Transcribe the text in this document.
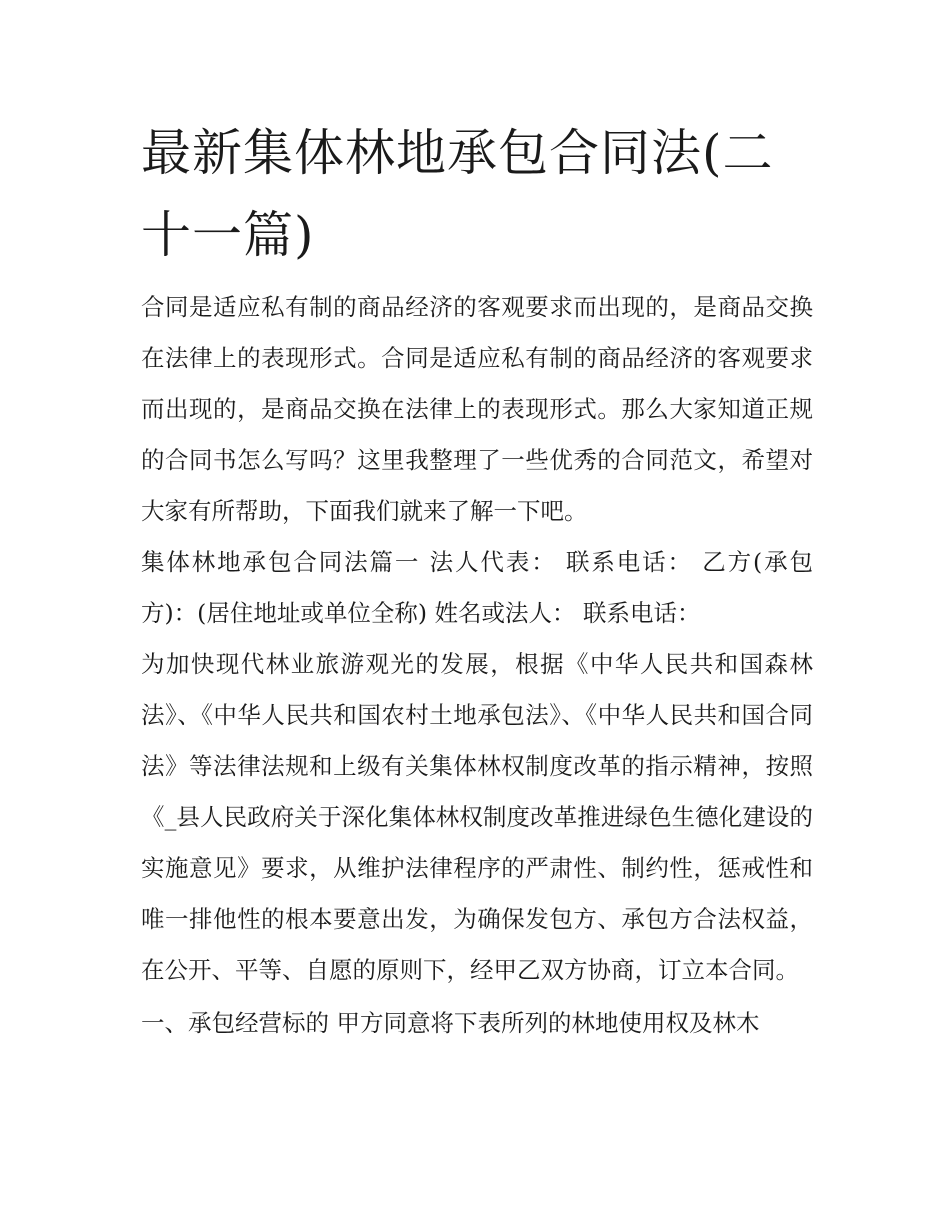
最新集体林地承包合同法(二十一篇)

合同是适应私有制的商品经济的客观要求而出现的，是商品交换在法律上的表现形式。合同是适应私有制的商品经济的客观要求而出现的，是商品交换在法律上的表现形式。那么大家知道正规的合同书怎么写吗？这里我整理了一些优秀的合同范文，希望对大家有所帮助，下面我们就来了解一下吧。

集体林地承包合同法篇一 法人代表： 联系电话： 乙方(承包方)：(居住地址或单位全称) 姓名或法人： 联系电话：

为加快现代林业旅游观光的发展，根据《中华人民共和国森林法》、《中华人民共和国农村土地承包法》、《中华人民共和国合同法》等法律法规和上级有关集体林权制度改革的指示精神，按照《_县人民政府关于深化集体林权制度改革推进绿色生德化建设的实施意见》要求，从维护法律程序的严肃性、制约性，惩戒性和唯一排他性的根本要意出发，为确保发包方、承包方合法权益，在公开、平等、自愿的原则下，经甲乙双方协商，订立本合同。

一、承包经营标的 甲方同意将下表所列的林地使用权及林木
